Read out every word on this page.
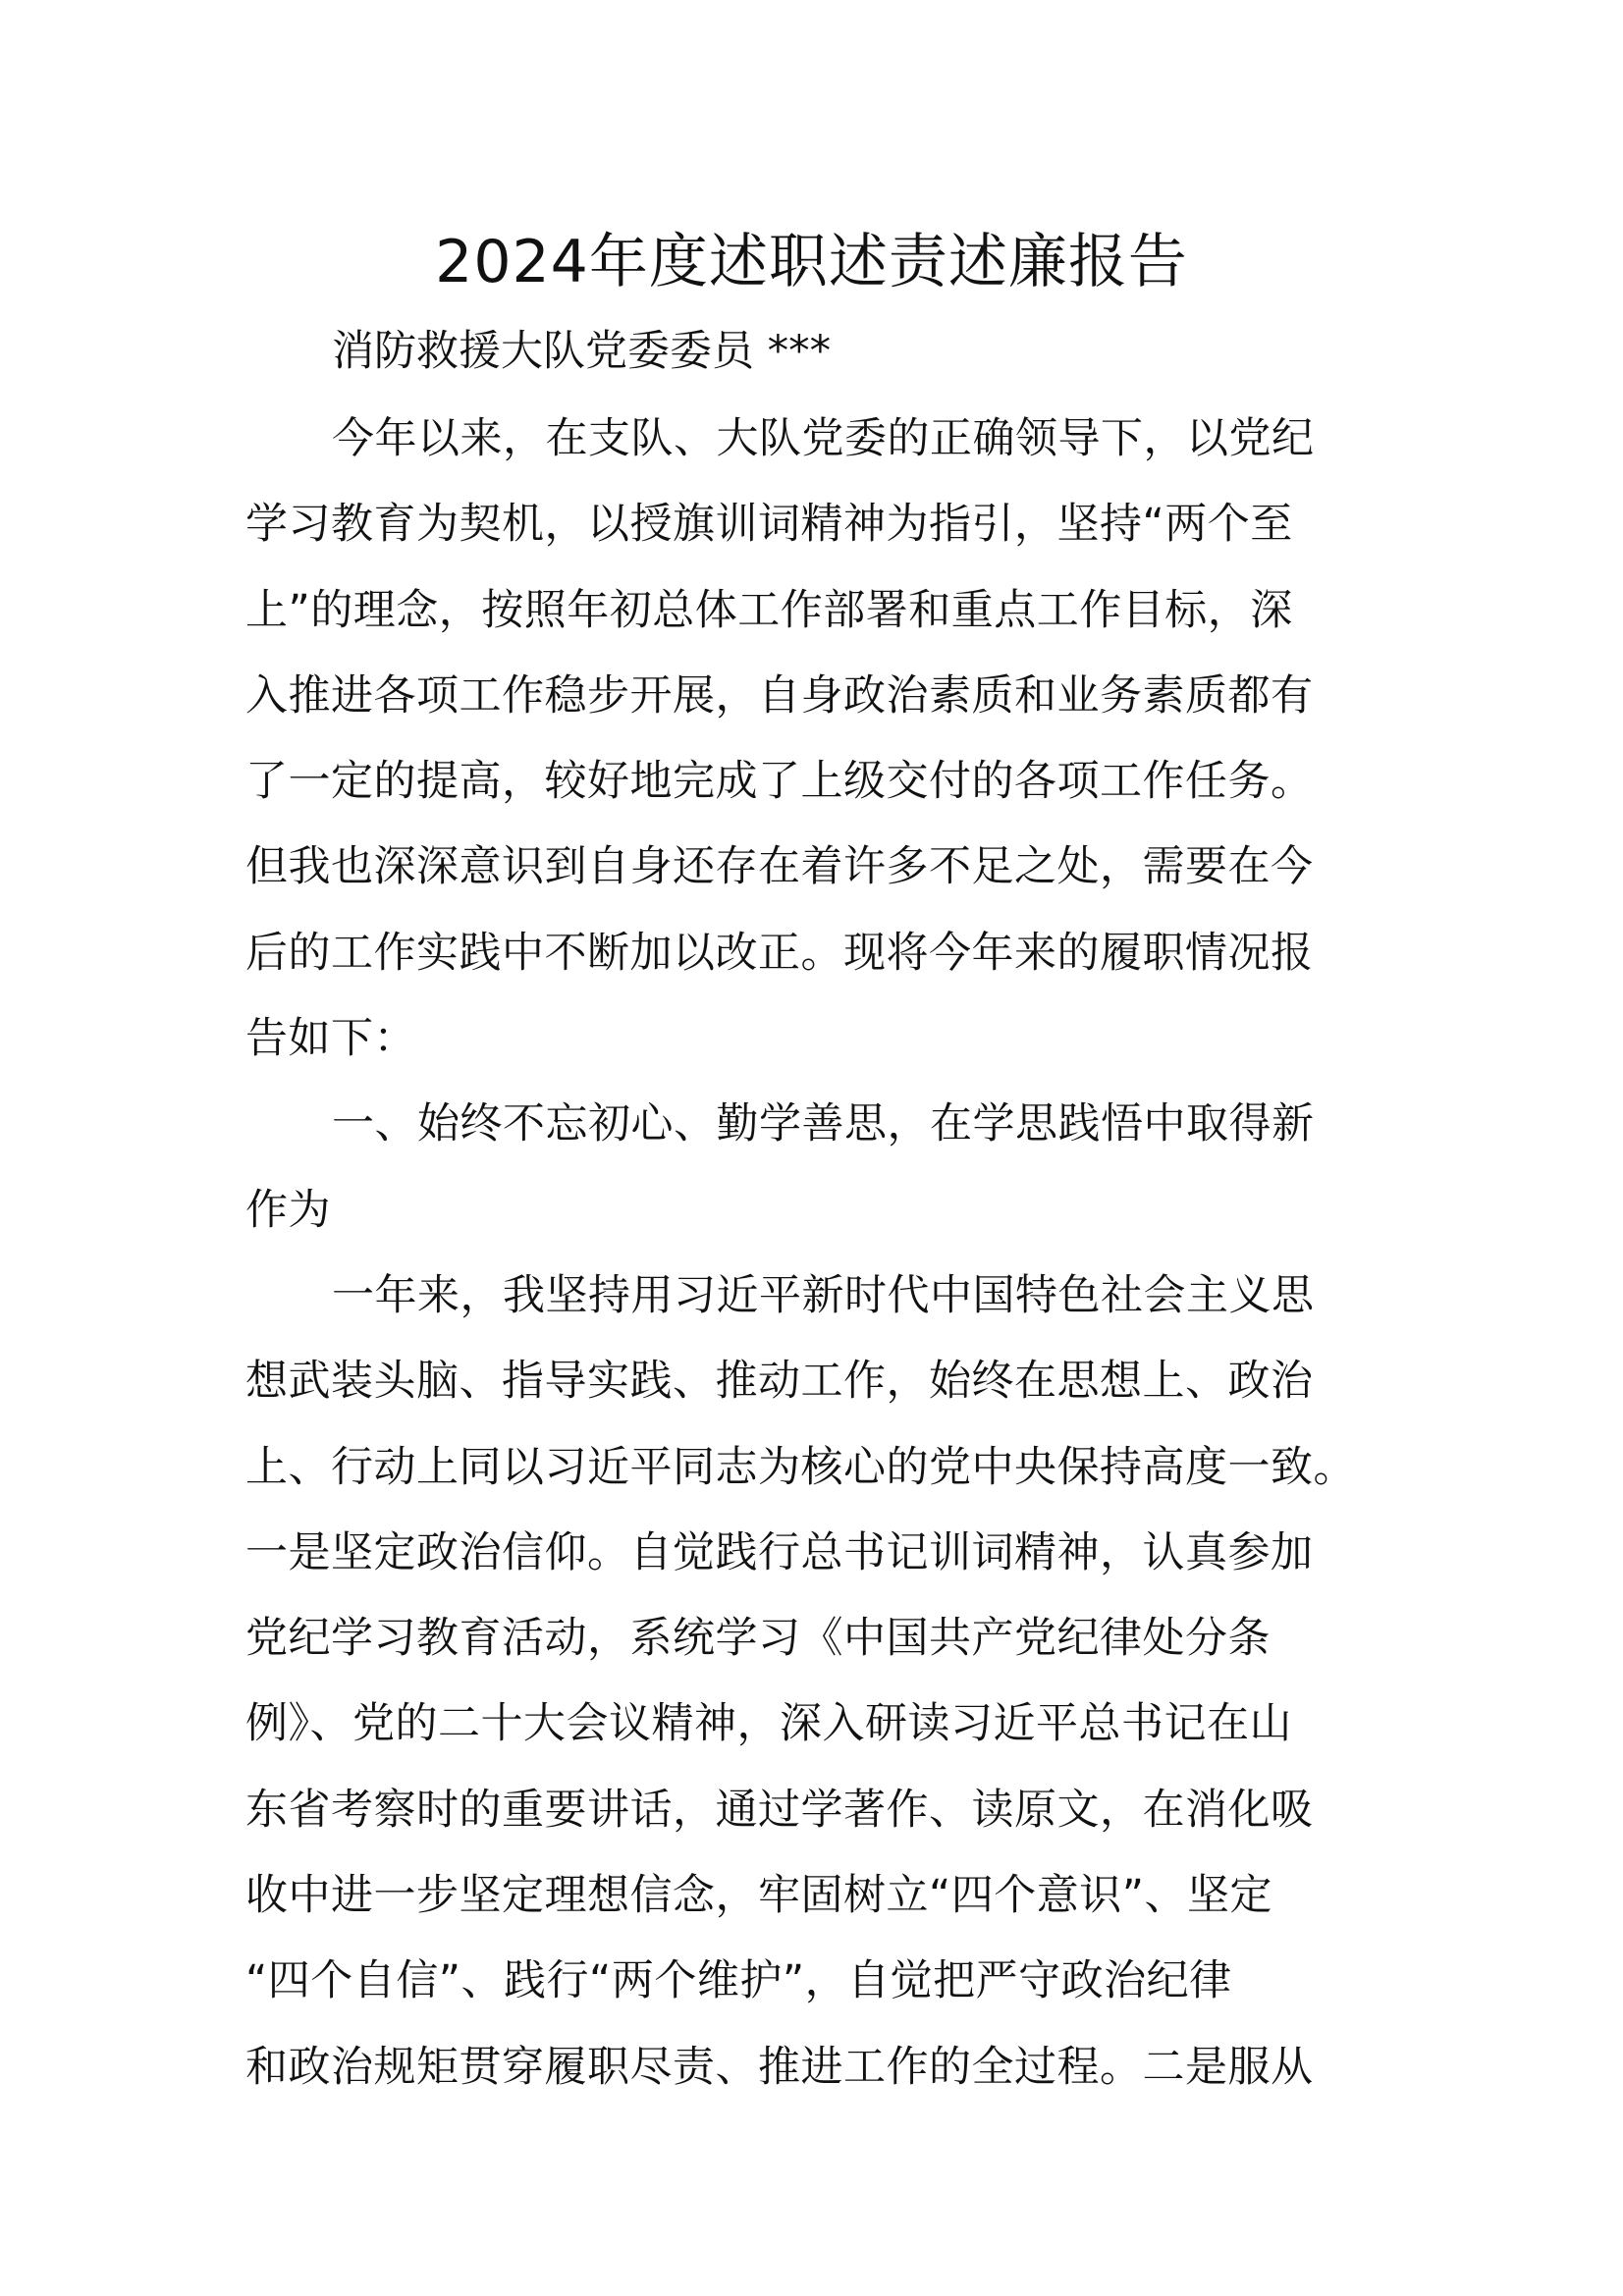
2024年度述职述责述廉报告
消防救援大队党委委员 ***
今年以来，在支队、大队党委的正确领导下，以党纪
学习教育为契机，以授旗训词精神为指引，坚持“两个至
上”的理念，按照年初总体工作部署和重点工作目标，深
入推进各项工作稳步开展，自身政治素质和业务素质都有
了一定的提高，较好地完成了上级交付的各项工作任务。
但我也深深意识到自身还存在着许多不足之处，需要在今
后的工作实践中不断加以改正。现将今年来的履职情况报
告如下：
一、始终不忘初心、勤学善思，在学思践悟中取得新
作为
一年来，我坚持用习近平新时代中国特色社会主义思
想武装头脑、指导实践、推动工作，始终在思想上、政治
上、行动上同以习近平同志为核心的党中央保持高度一致。
一是坚定政治信仰。自觉践行总书记训词精神，认真参加
党纪学习教育活动，系统学习《中国共产党纪律处分条
例》、党的二十大会议精神，深入研读习近平总书记在山
东省考察时的重要讲话，通过学著作、读原文，在消化吸
收中进一步坚定理想信念，牢固树立“四个意识”、坚定
“四个自信”、践行“两个维护”，自觉把严守政治纪律
和政治规矩贯穿履职尽责、推进工作的全过程。二是服从
